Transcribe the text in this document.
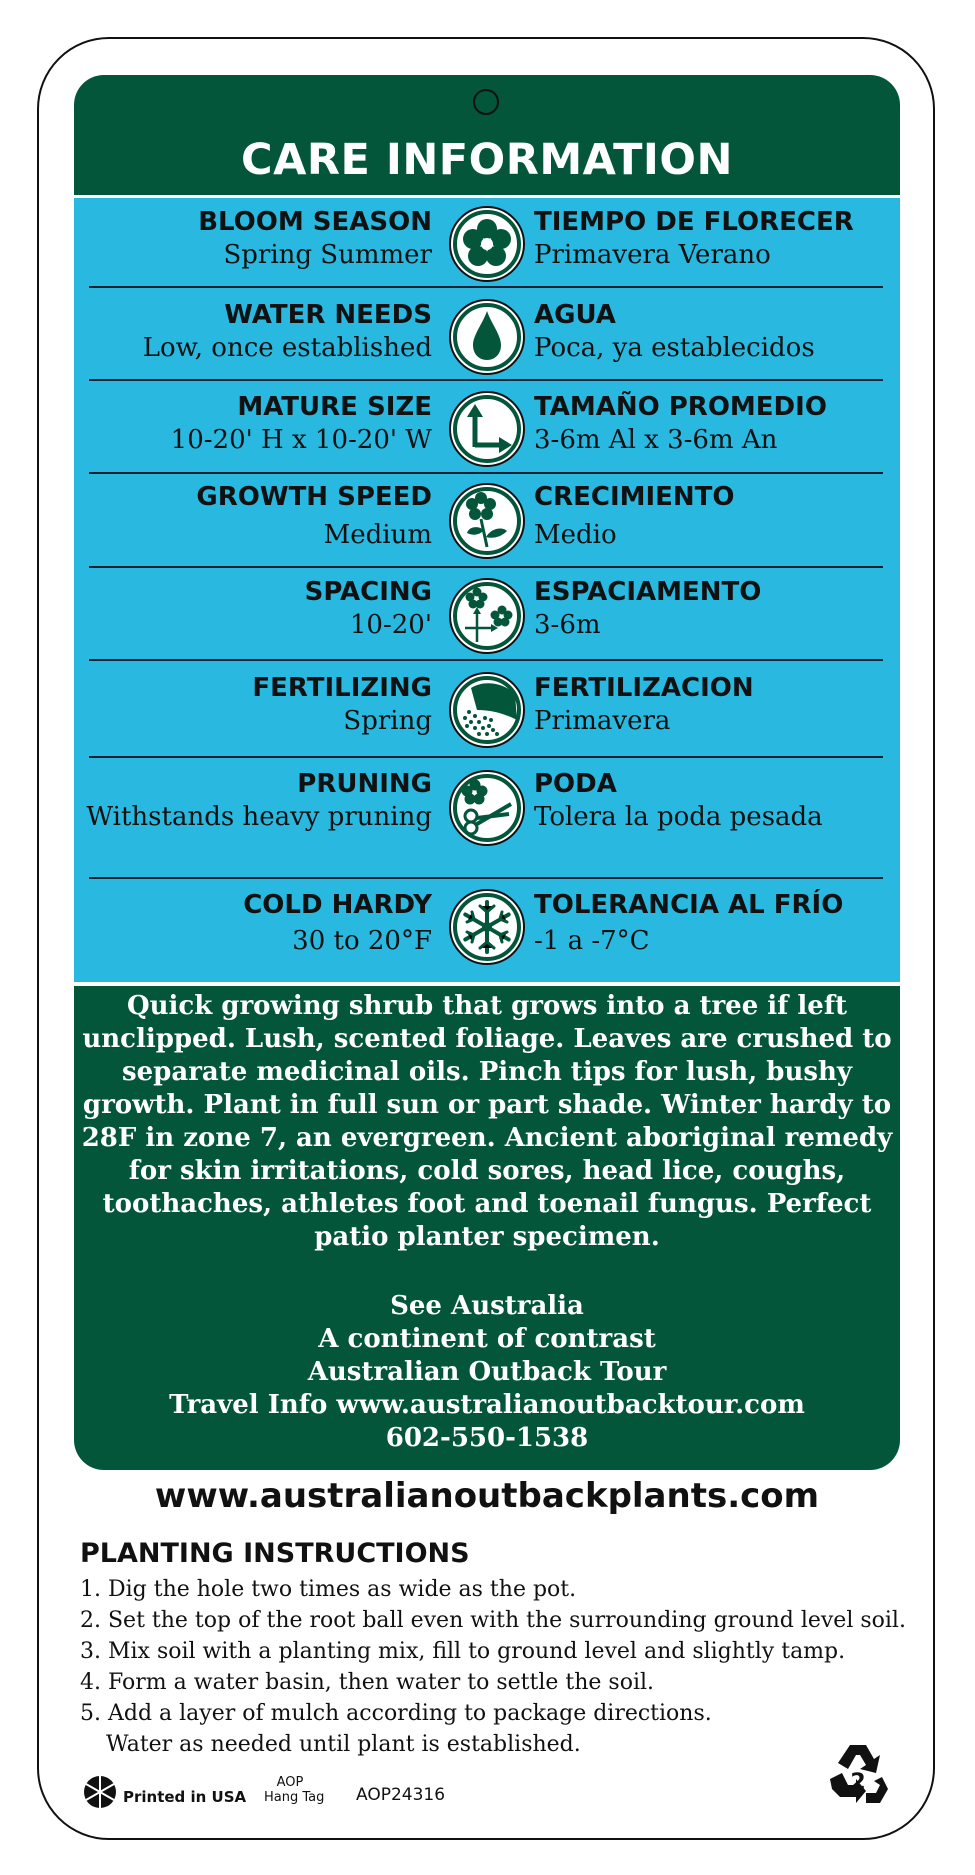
CARE INFORMATION
BLOOM SEASON
Spring Summer
TIEMPO DE FLORECER
Primavera Verano
WATER NEEDS
Low, once established
AGUA
Poca, ya establecidos
MATURE SIZE
10-20' H x 10-20' W
TAMAÑO PROMEDIO
3-6m Al x 3-6m An
GROWTH SPEED
Medium
CRECIMIENTO
Medio
SPACING
10-20'
ESPACIAMENTO
3-6m
FERTILIZING
Spring
FERTILIZACION
Primavera
PRUNING
Withstands heavy pruning
PODA
Tolera la poda pesada
COLD HARDY
30 to 20°F
TOLERANCIA AL FRÍO
-1 a -7°C
Quick growing shrub that grows into a tree if left unclipped. Lush, scented foliage. Leaves are crushed to separate medicinal oils. Pinch tips for lush, bushy growth. Plant in full sun or part shade. Winter hardy to 28F in zone 7, an evergreen. Ancient aboriginal remedy for skin irritations, cold sores, head lice, coughs, toothaches, athletes foot and toenail fungus. Perfect patio planter specimen.
See Australia
A continent of contrast
Australian Outback Tour
Travel Info www.australianoutbacktour.com
602-550-1538
www.australianoutbackplants.com
PLANTING INSTRUCTIONS
1. Dig the hole two times as wide as the pot.
2. Set the top of the root ball even with the surrounding ground level soil.
3. Mix soil with a planting mix, fill to ground level and slightly tamp.
4. Form a water basin, then water to settle the soil.
5. Add a layer of mulch according to package directions.
Water as needed until plant is established.
Printed in USA
AOP
Hang Tag AOP24316	2
